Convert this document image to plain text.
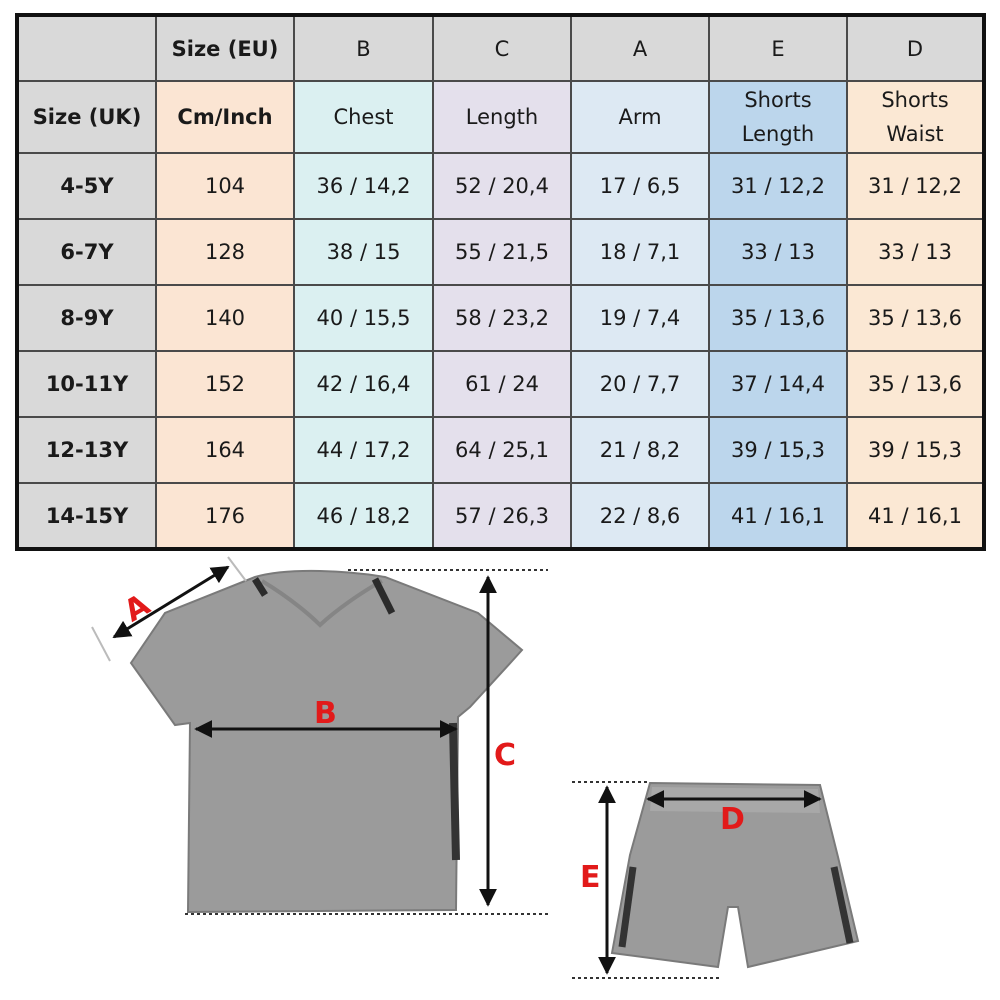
	Size (EU)	B	C	A	E	D
Size (UK)	Cm/Inch	Chest	Length	Arm	Shorts Length	Shorts Waist
4-5Y	104	36 / 14,2	52 / 20,4	17 / 6,5	31 / 12,2	31 / 12,2
6-7Y	128	38 / 15	55 / 21,5	18 / 7,1	33 / 13	33 / 13
8-9Y	140	40 / 15,5	58 / 23,2	19 / 7,4	35 / 13,6	35 / 13,6
10-11Y	152	42 / 16,4	61 / 24	20 / 7,7	37 / 14,4	35 / 13,6
12-13Y	164	44 / 17,2	64 / 25,1	21 / 8,2	39 / 15,3	39 / 15,3
14-15Y	176	46 / 18,2	57 / 26,3	22 / 8,6	41 / 16,1	41 / 16,1
A
B
C
D
E
